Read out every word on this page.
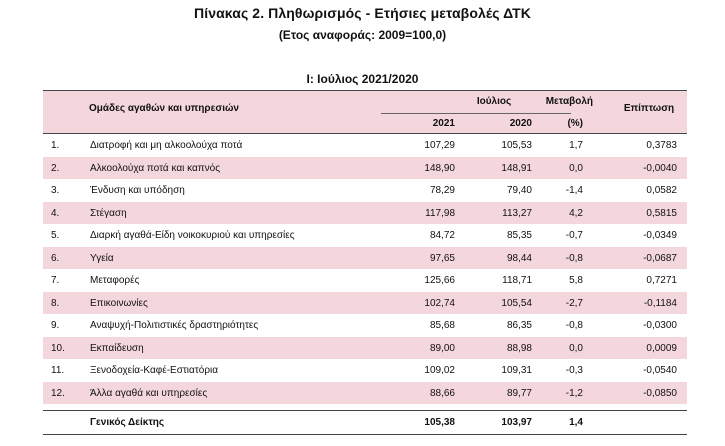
Πίνακας 2. Πληθωρισμός - Ετήσιες μεταβολές ΔΤΚ
(Ετος αναφοράς: 2009=100,0)
I: Ιούλιος 2021/2020
Ομάδες αγαθών και υπηρεσιών
Ιούλιος
2021	2020
Μεταβολή
(%)
Επίπτωση
1.	Διατροφή και μη αλκοολούχα ποτά	107,29	105,53	1,7	0,3783
2.	Αλκοολούχα ποτά και καπνός	148,90	148,91	0,0	-0,0040
3.	Ένδυση και υπόδηση	78,29	79,40	-1,4	0,0582
4.	Στέγαση	117,98	113,27	4,2	0,5815
5.	Διαρκή αγαθά-Είδη νοικοκυριού και υπηρεσίες	84,72	85,35	-0,7	-0,0349
6.	Υγεία	97,65	98,44	-0,8	-0,0687
7.	Μεταφορές	125,66	118,71	5,8	0,7271
8.	Επικοινωνίες	102,74	105,54	-2,7	-0,1184
9.	Αναψυχή-Πολιτιστικές δραστηριότητες	85,68	86,35	-0,8	-0,0300
10.	Εκπαίδευση	89,00	88,98	0,0	0,0009
11.	Ξενοδοχεία-Καφέ-Εστιατόρια	109,02	109,31	-0,3	-0,0540
12.	Άλλα αγαθά και υπηρεσίες	88,66	89,77	-1,2	-0,0850
Γενικός Δείκτης	105,38	103,97	1,4
